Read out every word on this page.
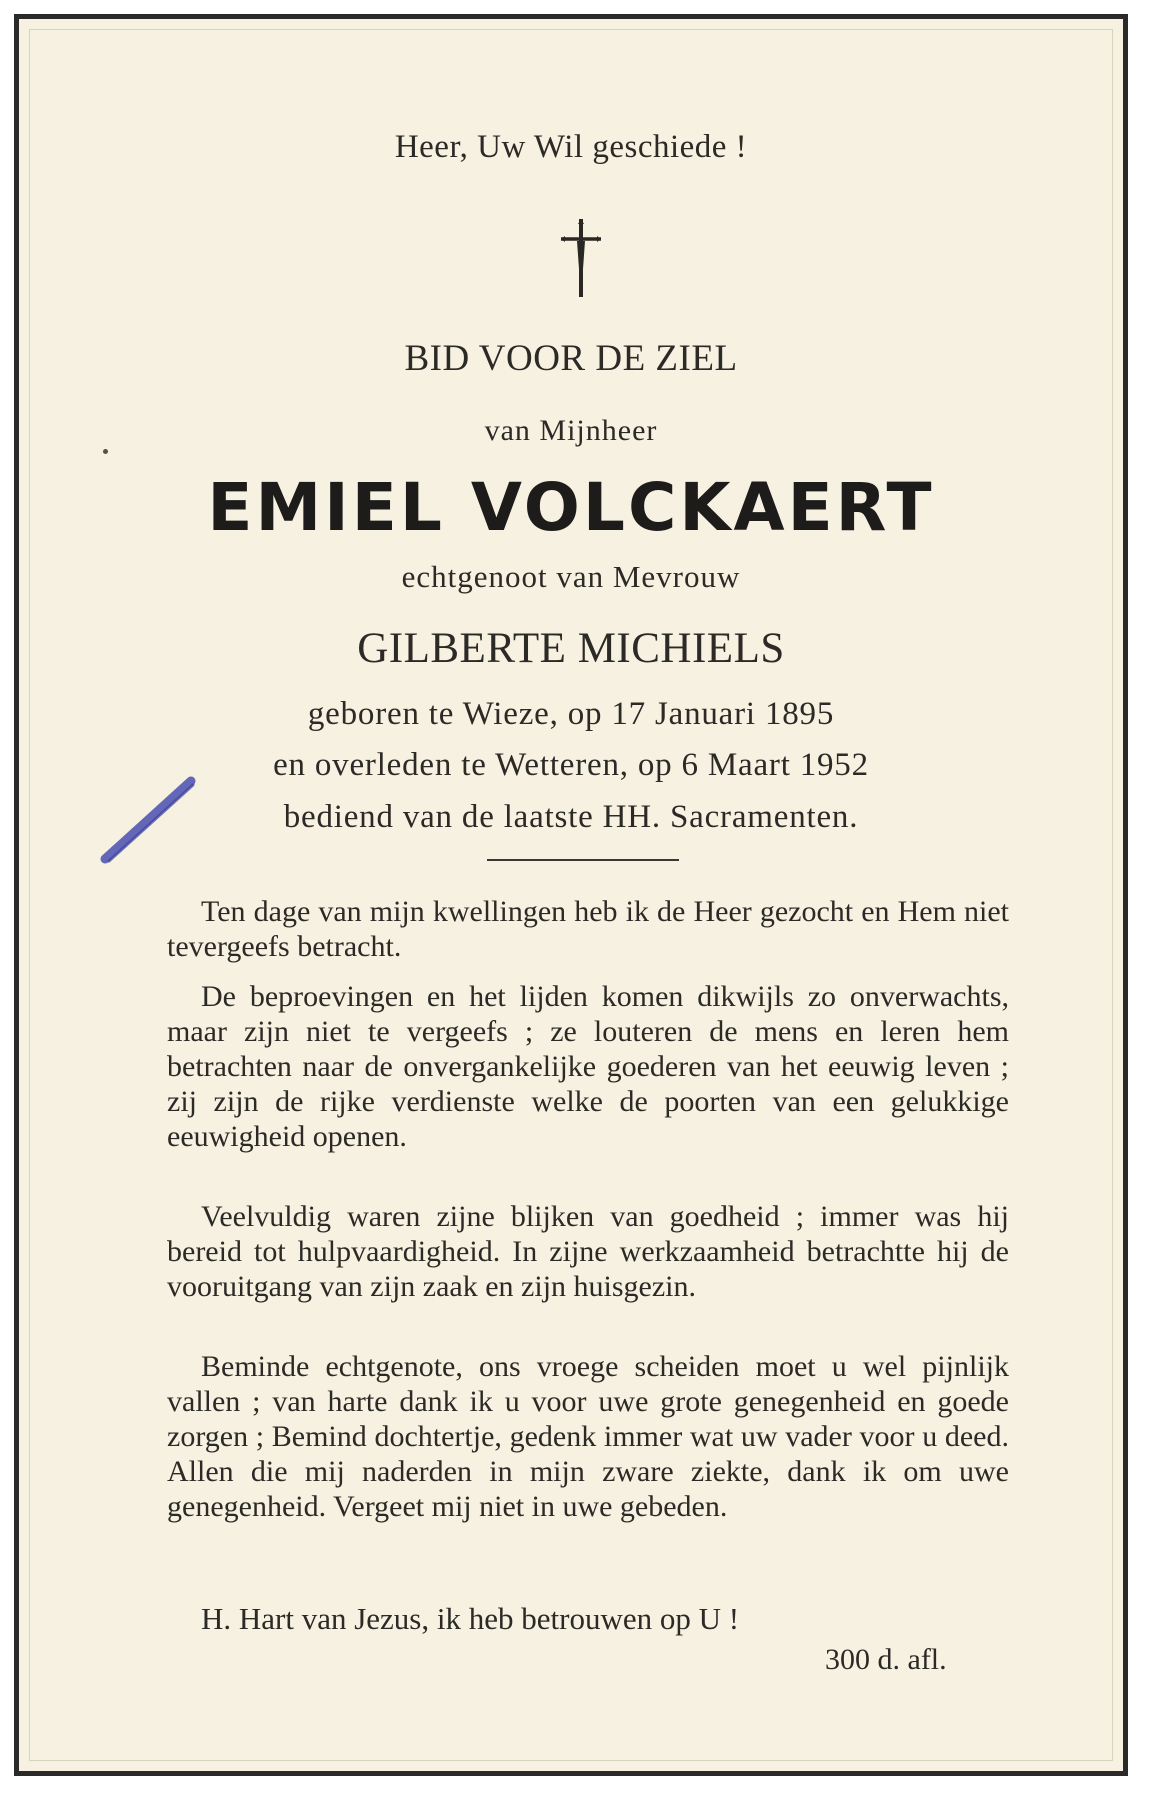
Heer, Uw Wil geschiede !
BID VOOR DE ZIEL
van Mijnheer
EMIEL VOLCKAERT
echtgenoot van Mevrouw
GILBERTE MICHIELS
geboren te Wieze, op 17 Januari 1895
en overleden te Wetteren, op 6 Maart 1952
bediend van de laatste HH. Sacramenten.

Ten dage van mijn kwellingen heb ik de Heer gezocht en Hem niet tevergeefs betracht.

De beproevingen en het lijden komen dikwijls zo onverwachts, maar zijn niet te vergeefs ; ze louteren de mens en leren hem betrachten naar de onvergankelijke goederen van het eeuwig leven ; zij zijn de rijke verdienste welke de poorten van een gelukkige eeuwigheid openen.

Veelvuldig waren zijne blijken van goedheid ; immer was hij bereid tot hulpvaardigheid. In zijne werkzaamheid betrachtte hij de vooruitgang van zijn zaak en zijn huisgezin.

Beminde echtgenote, ons vroege scheiden moet u wel pijnlijk vallen ; van harte dank ik u voor uwe grote genegenheid en goede zorgen ; Bemind dochtertje, gedenk immer wat uw vader voor u deed. Allen die mij naderden in mijn zware ziekte, dank ik om uwe genegenheid. Vergeet mij niet in uwe gebeden.

H. Hart van Jezus, ik heb betrouwen op U !
300 d. afl.
